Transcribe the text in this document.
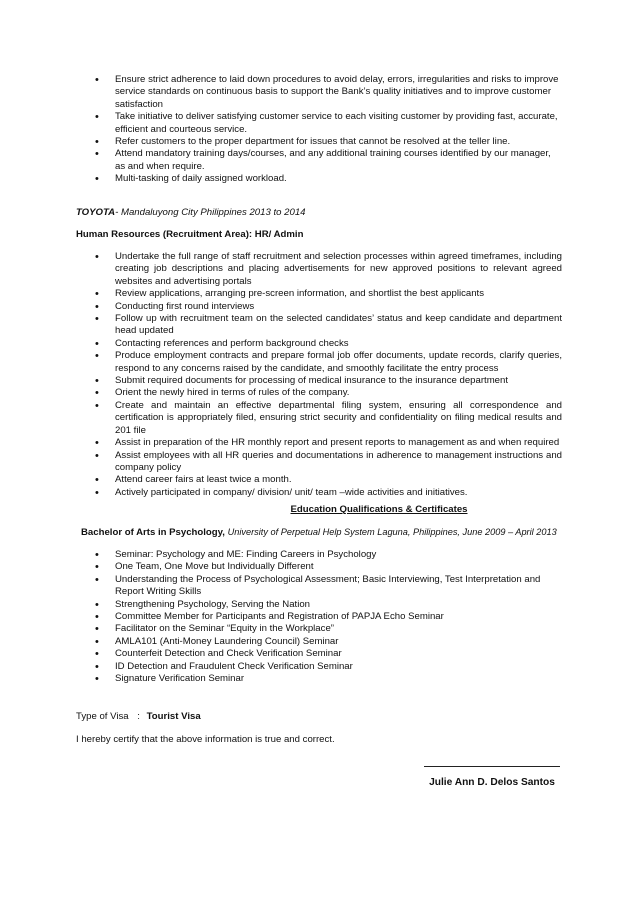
• Ensure strict adherence to laid down procedures to avoid delay, errors, irregularities and risks to improve service standards on continuous basis to support the Bank’s quality initiatives and to improve customer satisfaction
• Take initiative to deliver satisfying customer service to each visiting customer by providing fast, accurate, efficient and courteous service.
• Refer customers to the proper department for issues that cannot be resolved at the teller line.
• Attend mandatory training days/courses, and any additional training courses identified by our manager, as and when require.
• Multi-tasking of daily assigned workload.
TOYOTA- Mandaluyong City Philippines 2013 to 2014
Human Resources (Recruitment Area): HR/ Admin
• Undertake the full range of staff recruitment and selection processes within agreed timeframes, including creating job descriptions and placing advertisements for new approved positions to relevant agreed websites and advertising portals
• Review applications, arranging pre-screen information, and shortlist the best applicants
• Conducting first round interviews
• Follow up with recruitment team on the selected candidates’ status and keep candidate and department head updated
• Contacting references and perform background checks
• Produce employment contracts and prepare formal job offer documents, update records, clarify queries, respond to any concerns raised by the candidate, and smoothly facilitate the entry process
• Submit required documents for processing of medical insurance to the insurance department
• Orient the newly hired in terms of rules of the company.
• Create and maintain an effective departmental filing system, ensuring all correspondence and certification is appropriately filed, ensuring strict security and confidentiality on filing medical results and 201 file
• Assist in preparation of the HR monthly report and present reports to management as and when required
• Assist employees with all HR queries and documentations in adherence to management instructions and company policy
• Attend career fairs at least twice a month.
• Actively participated in company/ division/ unit/ team –wide activities and initiatives.
Education Qualifications & Certificates
Bachelor of Arts in Psychology, University of Perpetual Help System Laguna, Philippines, June 2009 – April 2013
• Seminar: Psychology and ME: Finding Careers in Psychology
• One Team, One Move but Individually Different
• Understanding the Process of Psychological Assessment; Basic Interviewing, Test Interpretation and Report Writing Skills
• Strengthening Psychology, Serving the Nation
• Committee Member for Participants and Registration of PAPJA Echo Seminar
• Facilitator on the Seminar “Equity in the Workplace”
• AMLA101 (Anti-Money Laundering Council) Seminar
• Counterfeit Detection and Check Verification Seminar
• ID Detection and Fraudulent Check Verification Seminar
• Signature Verification Seminar
Type of Visa : Tourist Visa
I hereby certify that the above information is true and correct.
Julie Ann D. Delos Santos
